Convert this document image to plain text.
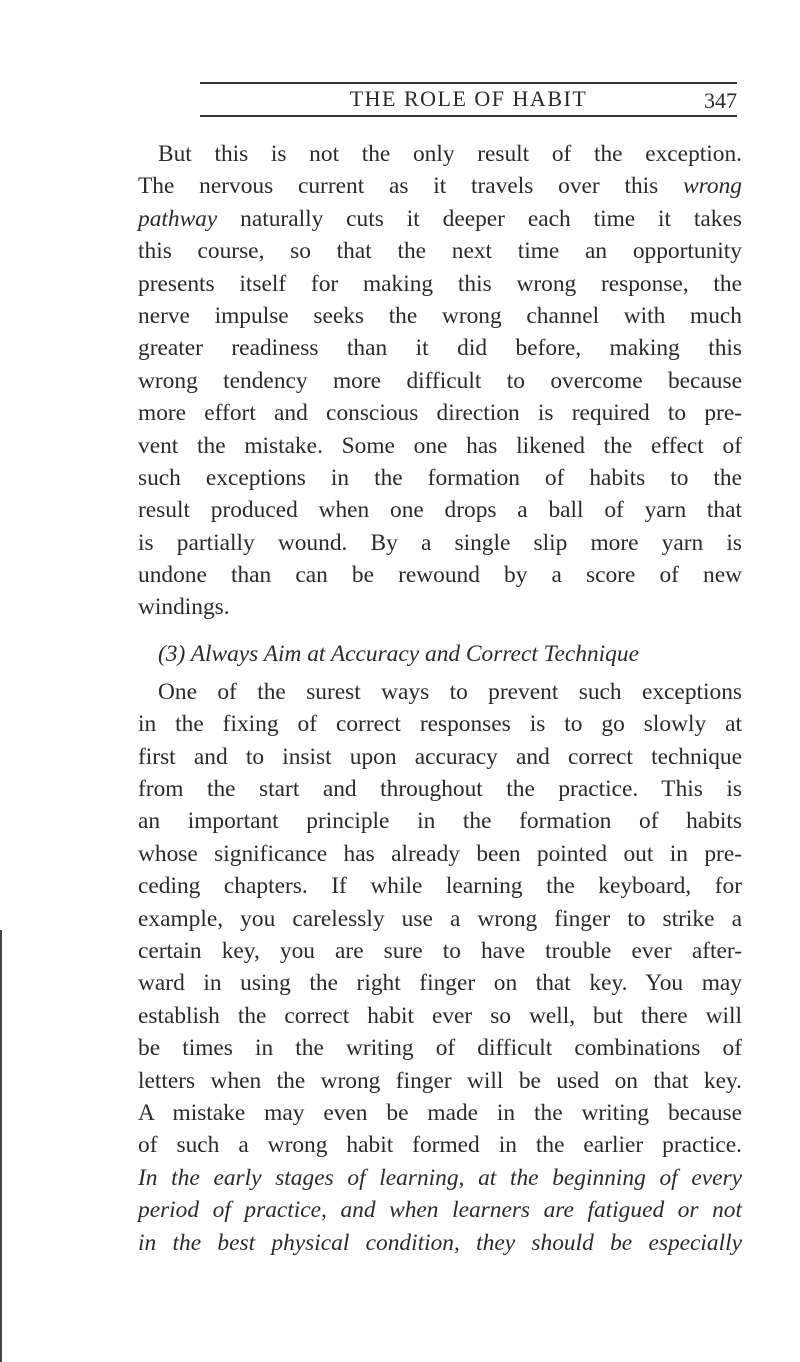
THE ROLE OF HABIT	347
But this is not the only result of the exception.
The nervous current as it travels over this wrong
pathway naturally cuts it deeper each time it takes
this course, so that the next time an opportunity
presents itself for making this wrong response, the
nerve impulse seeks the wrong channel with much
greater readiness than it did before, making this
wrong tendency more difficult to overcome because
more effort and conscious direction is required to pre-
vent the mistake. Some one has likened the effect of
such exceptions in the formation of habits to the
result produced when one drops a ball of yarn that
is partially wound. By a single slip more yarn is
undone than can be rewound by a score of new
windings.
(3) Always Aim at Accuracy and Correct Technique
One of the surest ways to prevent such exceptions
in the fixing of correct responses is to go slowly at
first and to insist upon accuracy and correct technique
from the start and throughout the practice. This is
an important principle in the formation of habits
whose significance has already been pointed out in pre-
ceding chapters. If while learning the keyboard, for
example, you carelessly use a wrong finger to strike a
certain key, you are sure to have trouble ever after-
ward in using the right finger on that key. You may
establish the correct habit ever so well, but there will
be times in the writing of difficult combinations of
letters when the wrong finger will be used on that key.
A mistake may even be made in the writing because
of such a wrong habit formed in the earlier practice.
In the early stages of learning, at the beginning of every
period of practice, and when learners are fatigued or not
in the best physical condition, they should be especially
